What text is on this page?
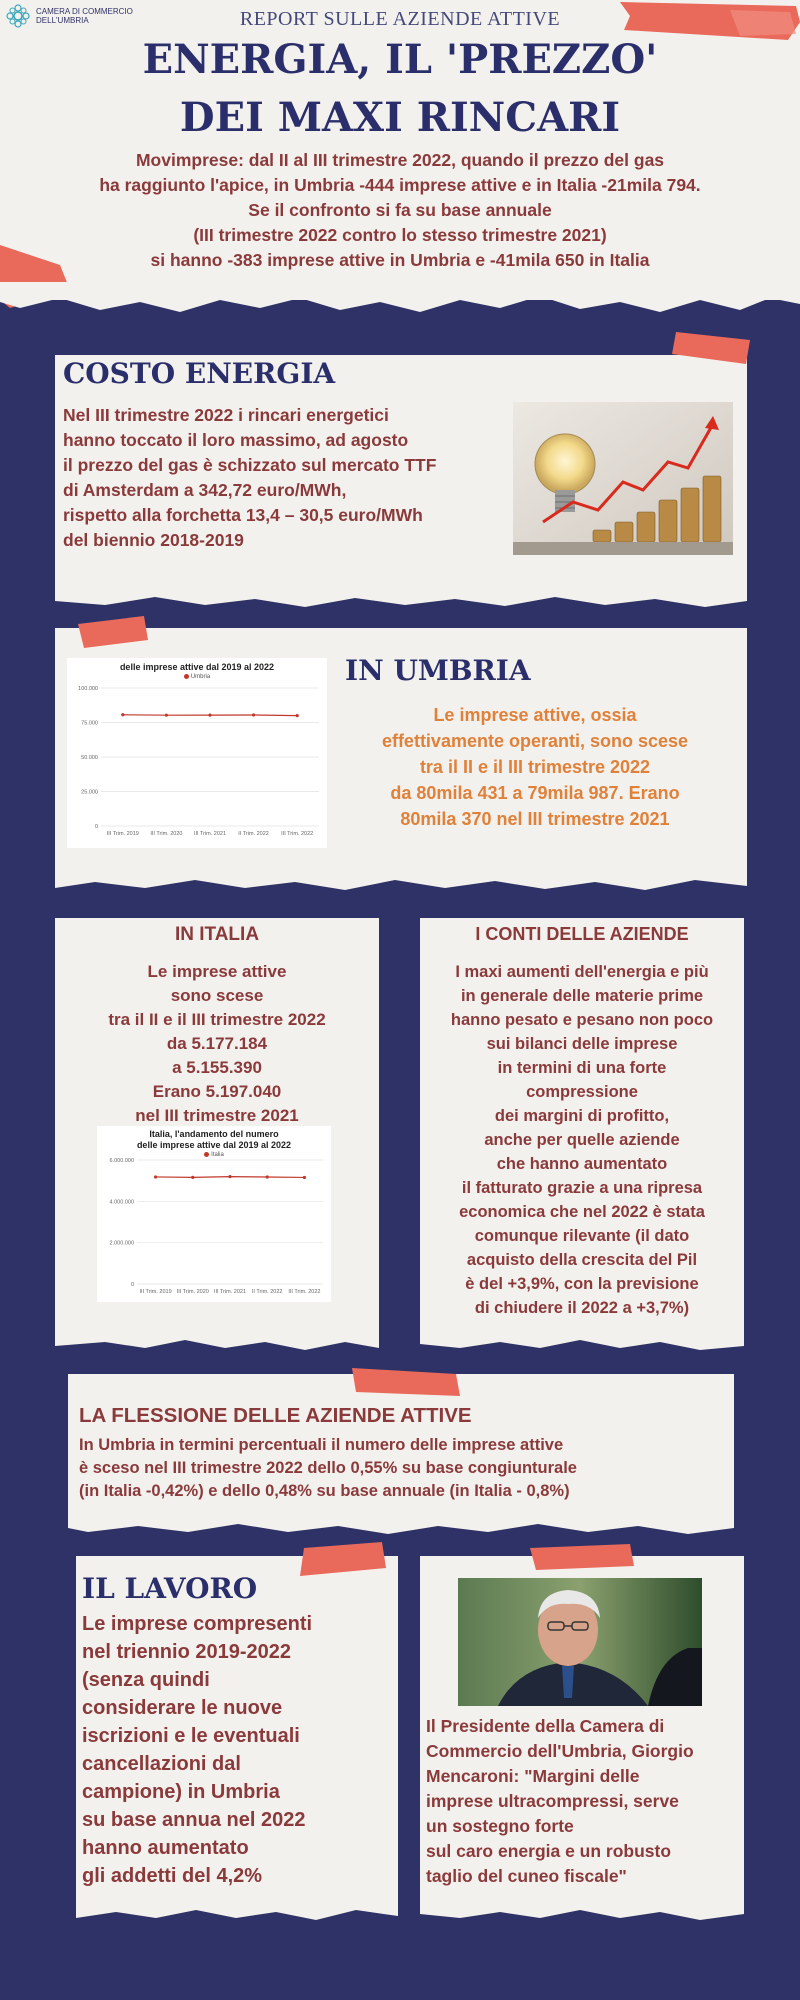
CAMERA DI COMMERCIO DELL'UMBRIA	REPORT SULLE AZIENDE ATTIVE
ENERGIA, IL 'PREZZO'
DEI MAXI RINCARI
Movimprese: dal II al III trimestre 2022, quando il prezzo del gas
ha raggiunto l'apice, in Umbria -444 imprese attive e in Italia -21mila 794.
Se il confronto si fa su base annuale
(III trimestre 2022 contro lo stesso trimestre 2021)
si hanno -383 imprese attive in Umbria e -41mila 650 in Italia
COSTO ENERGIA
Nel III trimestre 2022 i rincari energetici
hanno toccato il loro massimo, ad agosto
il prezzo del gas è schizzato sul mercato TTF
di Amsterdam a 342,72 euro/MWh,
rispetto alla forchetta 13,4 – 30,5 euro/MWh
del biennio 2018-2019
delle imprese attive dal 2019 al 2022
Umbria
0
25.000
50.000
75.000
100.000
III Trim. 2019 III Trim. 2020 III Trim. 2021 II Trim. 2022 III Trim. 2022
IN UMBRIA
Le imprese attive, ossia
effettivamente operanti, sono scese
tra il II e il III trimestre 2022
da 80mila 431 a 79mila 987. Erano
80mila 370 nel III trimestre 2021
IN ITALIA
Le imprese attive
sono scese
tra il II e il III trimestre 2022
da 5.177.184
a 5.155.390
Erano 5.197.040
nel III trimestre 2021
Italia, l'andamento del numero
delle imprese attive dal 2019 al 2022
Italia
0
2.000.000
4.000.000
6.000.000
III Trim. 2019 III Trim. 2020 III Trim. 2021 II Trim. 2022 III Trim. 2022
I CONTI DELLE AZIENDE
I maxi aumenti dell'energia e più
in generale delle materie prime
hanno pesato e pesano non poco
sui bilanci delle imprese
in termini di una forte
compressione
dei margini di profitto,
anche per quelle aziende
che hanno aumentato
il fatturato grazie a una ripresa
economica che nel 2022 è stata
comunque rilevante (il dato
acquisto della crescita del Pil
è del +3,9%, con la previsione
di chiudere il 2022 a +3,7%)
LA FLESSIONE DELLE AZIENDE ATTIVE
In Umbria in termini percentuali il numero delle imprese attive
è sceso nel III trimestre 2022 dello 0,55% su base congiunturale
(in Italia -0,42%) e dello 0,48% su base annuale (in Italia - 0,8%)
IL LAVORO
Le imprese compresenti
nel triennio 2019-2022
(senza quindi
considerare le nuove
iscrizioni e le eventuali
cancellazioni dal
campione) in Umbria
su base annua nel 2022
hanno aumentato
gli addetti del 4,2%
Il Presidente della Camera di
Commercio dell'Umbria, Giorgio
Mencaroni: "Margini delle
imprese ultracompressi, serve
un sostegno forte
sul caro energia e un robusto
taglio del cuneo fiscale"
